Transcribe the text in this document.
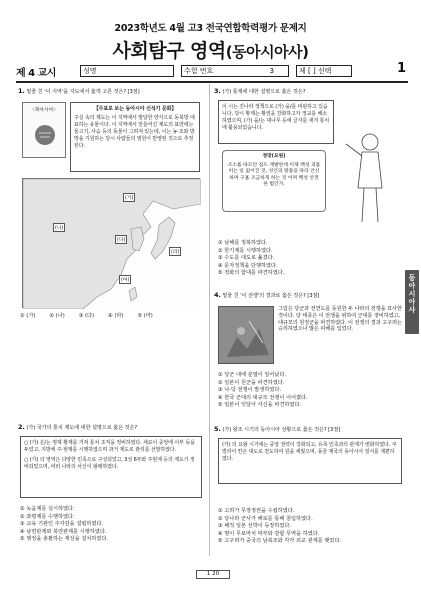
2023학년도 4월 고3 전국연합학력평가 문제지
사회탐구 영역(동아시아사)
제 4 교시	성명	수험 번호	3	제 [ ] 선택	1
1. 밑줄 친 '이 지역'을 지도에서 옳게 고른 것은? [3점]
〈북아시아〉	【무표로 보는 동아시아 신석기 문화】
주실 속의 제도는 이 지역에서 발달한 양식으로 동북방 대표하는 유물이다. 이 지역에서 만들어진 제도의 표면에는 둘고기, 사슴 등의 동물이 그려져 있는데, 이는 농 조와 방망을 기원하는 당시 사람들의 염원이 반영된 것으로 추정된다.
(가)
(나)
(다)
(라)
(마)
① (가)	② (나)	③ (다)	④ (라)	⑤ (마)
2. (가) 국가의 통치 제도에 대한 설명으로 옳은 것은?
○ (가) 은/는 영제 황제를 거쳐 통치 조직을 정비하였다. 새로이 중앙에 이부 등을 두었고, 지방에 주·현제를 시행하였으며 과거 제도로 관리를 선발하였다.
○ (가) 의 영역은 다양한 민족으로 구성되었고, 3성 6부와 주현제 등의 제도가 정비되었으며, 여러 나라의 사신이 왕래하였다.
① 녹읍제를 실시하였다.
② 좌평제를 수행하였다.
③ 교육 기관인 주자감을 설립하였다.
④ 남면관제와 북면관제를 시행하였다.
⑤ 행정을 총괄하는 재상을 설치하였다.
3. (가) 통제에 대한 설명으로 옳은 것은?
이 시는 진나라 정책으로 (가) 을/를 비판하고 있습니다. 당시 황제는 황권을 강화하고자 정교를 해소하였으며, (가) 을/는 대나무 등에 글자를 새겨 통치에 활용되었습니다.
정망(요원)
조소를 따르던 집도 재발한데 이제 백성 괴롭히는 일 없어진 것, 성인의 말씀을 따라 안신하며 구휼 조금하게 하는 것 어찌 백성 안전한 법인가.
① 남해를 정복하였다.
② 한기제를 시행하였다.
③ 수도를 대도로 옮겼다.
④ 문자정책을 단행하였다.
⑤ 정화의 함대를 파견하였다.
4. 밑줄 친 '이 전쟁'의 결과로 옳은 것은? [3점]
그림은 당군과 전연도를 동원한 두 나라의 전쟁을 묘사한 것이다. 당 태종은 이 전쟁을 위하여 군대를 정비하였고, 대규모의 원정군을 파견하였다. 이 전쟁의 결과 고구려는 승리하였으나 많은 피해를 입었다.
① 당군 내에 분열이 일어났다.
② 일본이 원군을 파견하였다.
③ 나·당 전쟁이 발생하였다.
④ 한국 군대의 대규모 전쟁이 이어졌다.
⑤ 일본이 잇달아 사신을 파견하였다.
5. (가) 왕조 시기의 동아시아 상황으로 옳은 것은? [3점]
(가) 의 요왕 시기에는 중앙 권력이 강화되고, 유목 민족과의 관계가 변화하였다. 쿠빌라이 칸은 대도로 천도하여 원을 세웠으며, 몽골 제국의 동아시아 질서를 재편하였다.
① 고려가 무장정권을 수립하였다.
② 당나라 군사가 해로를 통해 침입하였다.
③ 해적 일본 선박이 등장하였다.
④ 명이 무로마치 막부와 감합 무역을 하였다.
⑤ 고구려가 중국의 남북조와 각각 외교 관계를 맺었다.
동
아
시
아
사
1 20
